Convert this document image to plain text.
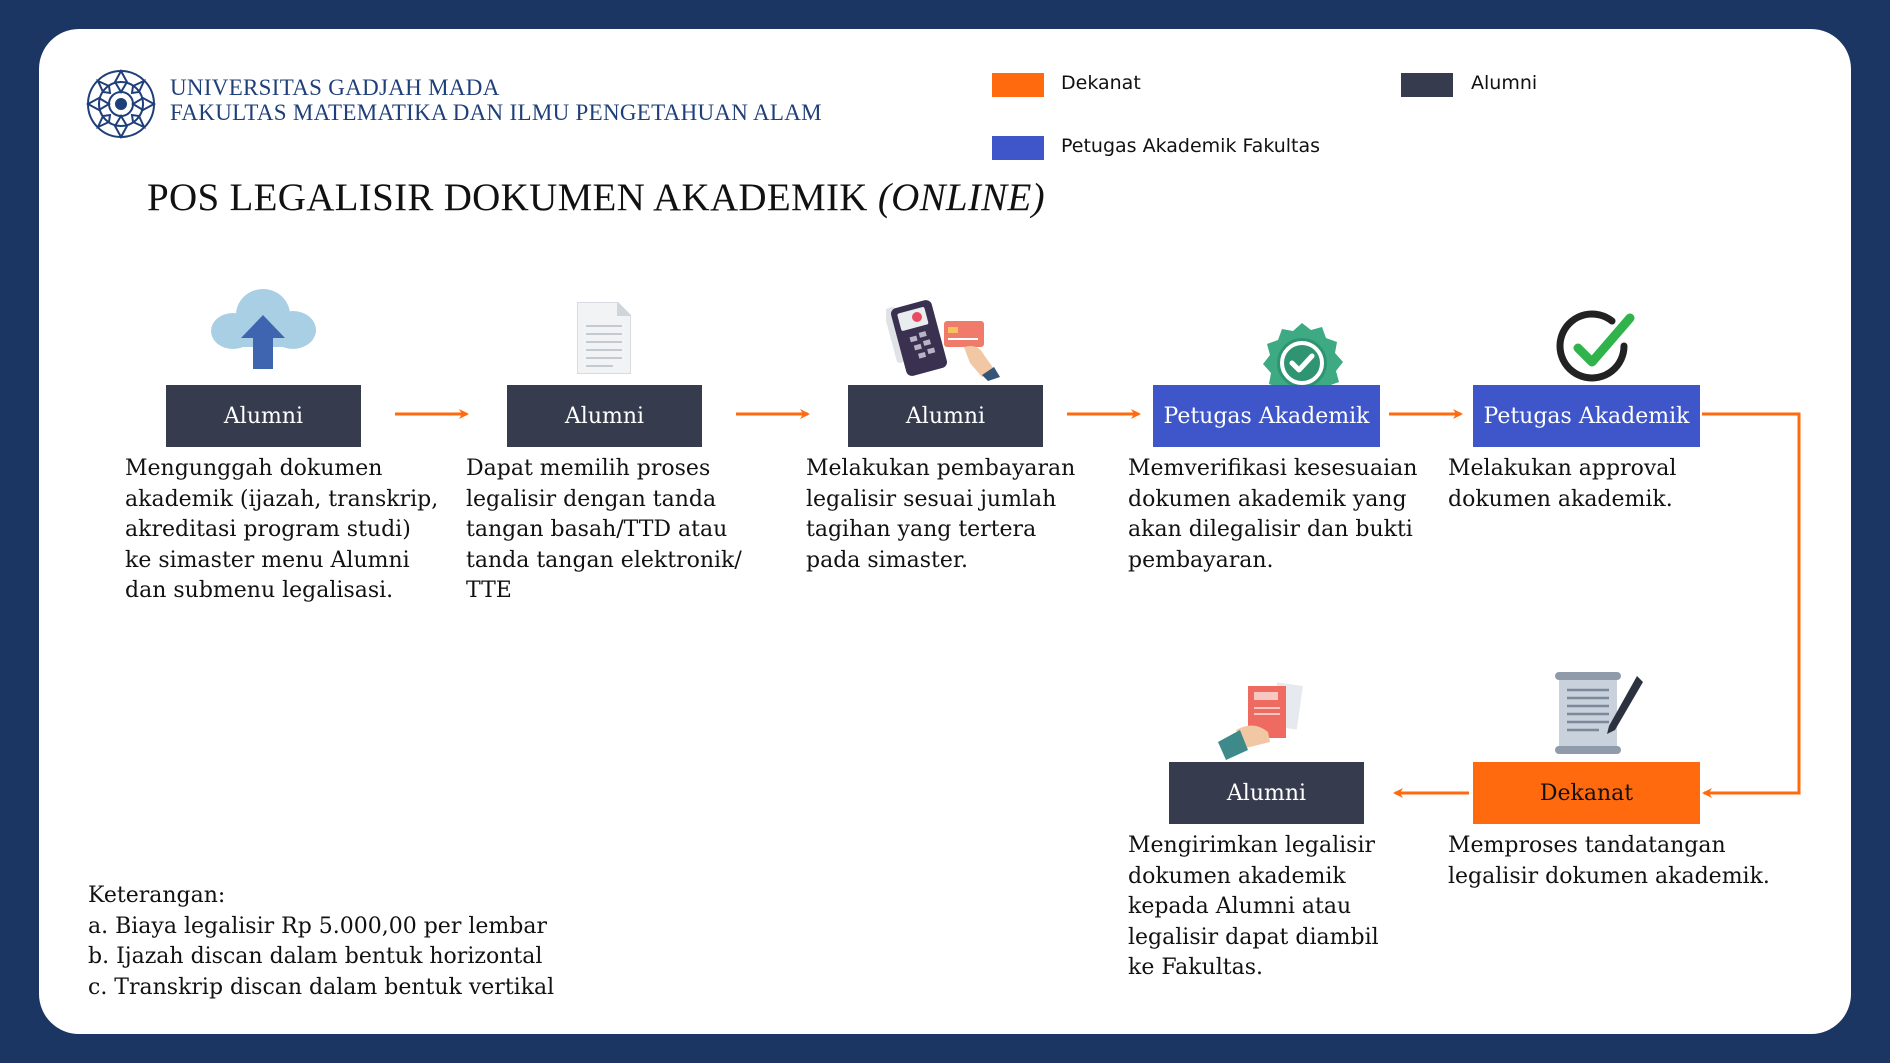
UNIVERSITAS GADJAH MADA
FAKULTAS MATEMATIKA DAN ILMU PENGETAHUAN ALAM
Dekanat	Alumni
Petugas Akademik Fakultas
POS LEGALISIR DOKUMEN AKADEMIK (ONLINE)
Alumni	Alumni	Alumni	Petugas Akademik	Petugas Akademik
Dekanat
Alumni
Mengunggah dokumen
akademik (ijazah, transkrip,
akreditasi program studi)
ke simaster menu Alumni
dan submenu legalisasi.
Dapat memilih proses
legalisir dengan tanda
tangan basah/TTD atau
tanda tangan elektronik/
TTE
Melakukan pembayaran
legalisir sesuai jumlah
tagihan yang tertera
pada simaster.
Memverifikasi kesesuaian
dokumen akademik yang
akan dilegalisir dan bukti
pembayaran.
Melakukan approval
dokumen akademik.
Memproses tandatangan
legalisir dokumen akademik.
Mengirimkan legalisir
dokumen akademik
kepada Alumni atau
legalisir dapat diambil
ke Fakultas.
Keterangan:
a. Biaya legalisir Rp 5.000,00 per lembar
b. Ijazah discan dalam bentuk horizontal
c. Transkrip discan dalam bentuk vertikal
